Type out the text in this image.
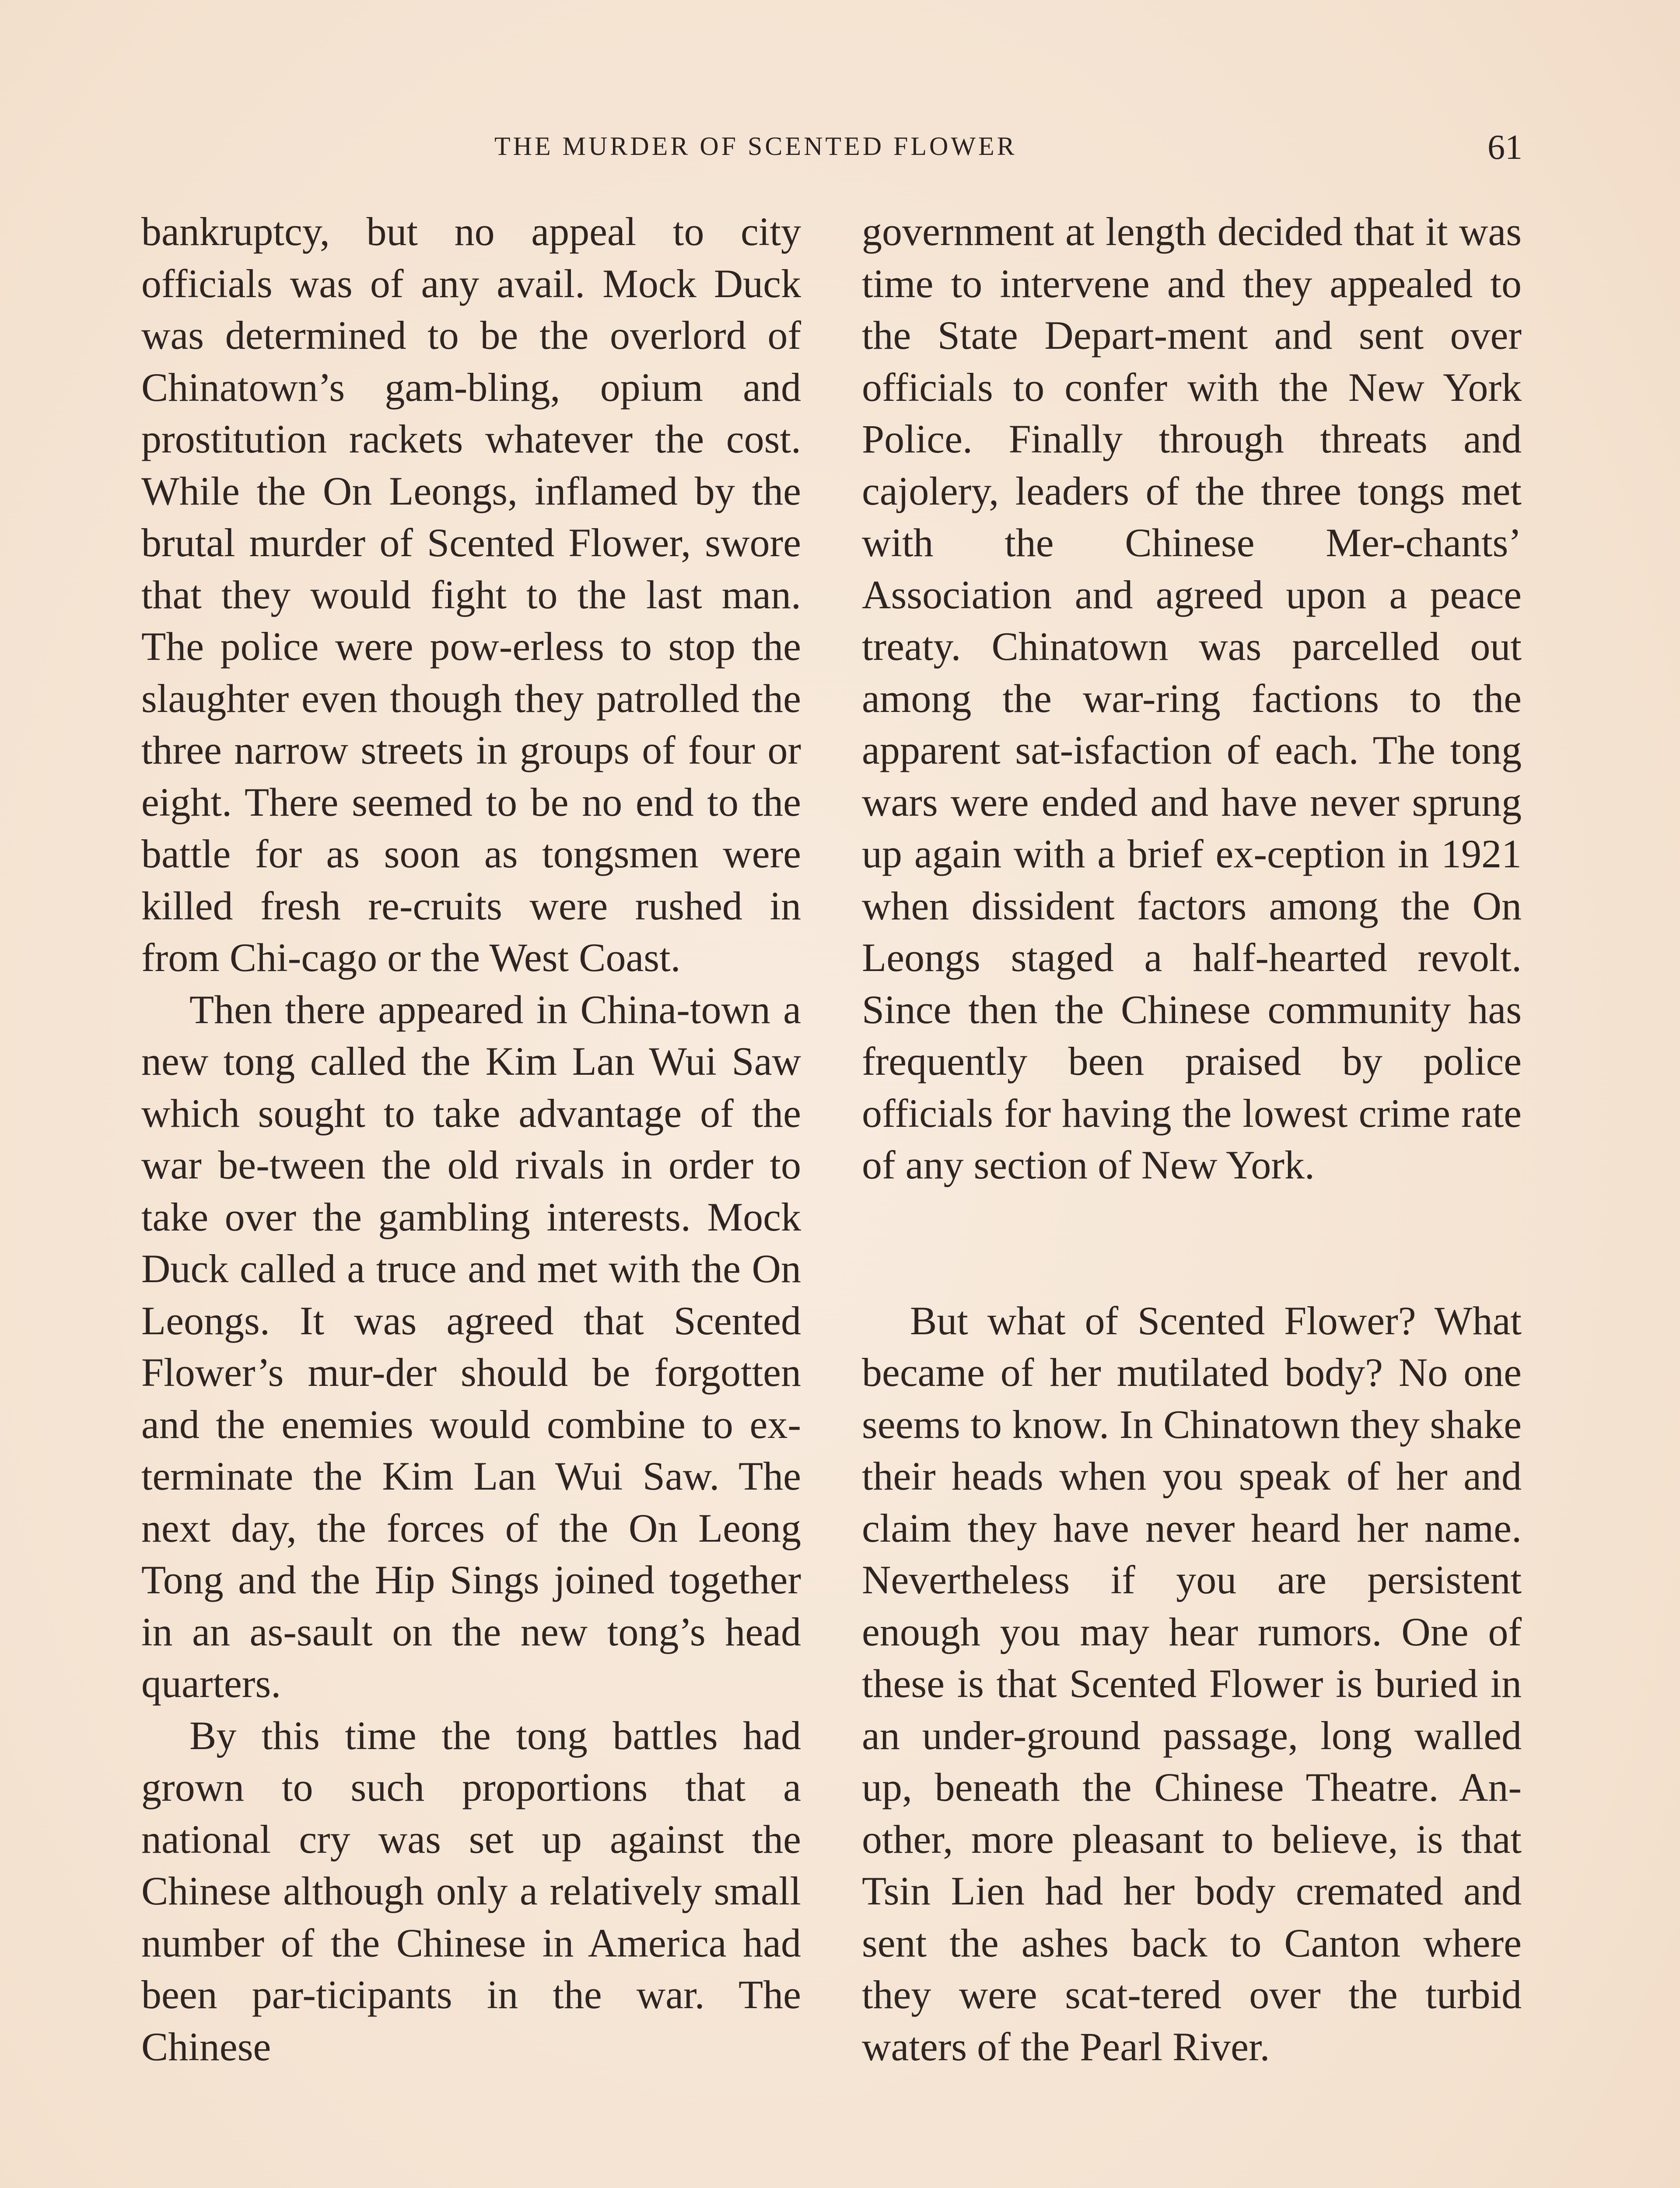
THE MURDER OF SCENTED FLOWER	61

bankruptcy, but no appeal to city officials was of any avail. Mock Duck was determined to be the overlord of Chinatown’s gam-bling, opium and prostitution rackets whatever the cost. While the On Leongs, inflamed by the brutal murder of Scented Flower, swore that they would fight to the last man. The police were pow-erless to stop the slaughter even though they patrolled the three narrow streets in groups of four or eight. There seemed to be no end to the battle for as soon as tongsmen were killed fresh re-cruits were rushed in from Chi-cago or the West Coast.

Then there appeared in China-town a new tong called the Kim Lan Wui Saw which sought to take advantage of the war be-tween the old rivals in order to take over the gambling interests. Mock Duck called a truce and met with the On Leongs. It was agreed that Scented Flower’s mur-der should be forgotten and the enemies would combine to ex-terminate the Kim Lan Wui Saw. The next day, the forces of the On Leong Tong and the Hip Sings joined together in an as-sault on the new tong’s head quarters.

By this time the tong battles had grown to such proportions that a national cry was set up against the Chinese although only a relatively small number of the Chinese in America had been par-ticipants in the war. The Chinese

government at length decided that it was time to intervene and they appealed to the State Depart-ment and sent over officials to confer with the New York Police. Finally through threats and cajolery, leaders of the three tongs met with the Chinese Mer-chants’ Association and agreed upon a peace treaty. Chinatown was parcelled out among the war-ring factions to the apparent sat-isfaction of each. The tong wars were ended and have never sprung up again with a brief ex-ception in 1921 when dissident factors among the On Leongs staged a half-hearted revolt. Since then the Chinese community has frequently been praised by police officials for having the lowest crime rate of any section of New York.

But what of Scented Flower? What became of her mutilated body? No one seems to know. In Chinatown they shake their heads when you speak of her and claim they have never heard her name. Nevertheless if you are persistent enough you may hear rumors. One of these is that Scented Flower is buried in an under-ground passage, long walled up, beneath the Chinese Theatre. An-other, more pleasant to believe, is that Tsin Lien had her body cremated and sent the ashes back to Canton where they were scat-tered over the turbid waters of the Pearl River.
